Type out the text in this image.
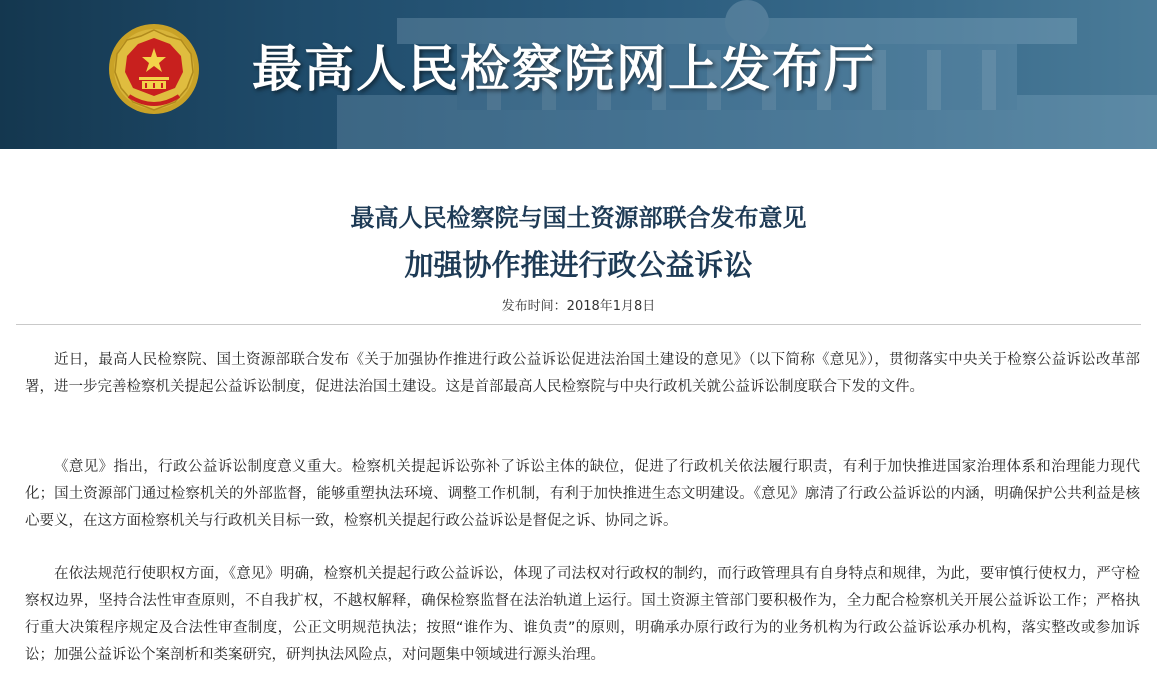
最高人民检察院网上发布厅
最高人民检察院与国土资源部联合发布意见
加强协作推进行政公益诉讼
发布时间：2018年1月8日

近日，最高人民检察院、国土资源部联合发布《关于加强协作推进行政公益诉讼促进法治国土建设的意见》（以下简称《意见》），贯彻落实中央关于检察公益诉讼改革部署，进一步完善检察机关提起公益诉讼制度，促进法治国土建设。这是首部最高人民检察院与中央行政机关就公益诉讼制度联合下发的文件。

《意见》指出，行政公益诉讼制度意义重大。检察机关提起诉讼弥补了诉讼主体的缺位，促进了行政机关依法履行职责，有利于加快推进国家治理体系和治理能力现代化；国土资源部门通过检察机关的外部监督，能够重塑执法环境、调整工作机制，有利于加快推进生态文明建设。《意见》廓清了行政公益诉讼的内涵，明确保护公共利益是核心要义，在这方面检察机关与行政机关目标一致，检察机关提起行政公益诉讼是督促之诉、协同之诉。

在依法规范行使职权方面，《意见》明确，检察机关提起行政公益诉讼，体现了司法权对行政权的制约，而行政管理具有自身特点和规律，为此，要审慎行使权力，严守检察权边界，坚持合法性审查原则，不自我扩权，不越权解释，确保检察监督在法治轨道上运行。国土资源主管部门要积极作为，全力配合检察机关开展公益诉讼工作；严格执行重大决策程序规定及合法性审查制度，公正文明规范执法；按照“谁作为、谁负责”的原则，明确承办原行政行为的业务机构为行政公益诉讼承办机构，落实整改或参加诉讼；加强公益诉讼个案剖析和类案研究，研判执法风险点，对问题集中领域进行源头治理。
